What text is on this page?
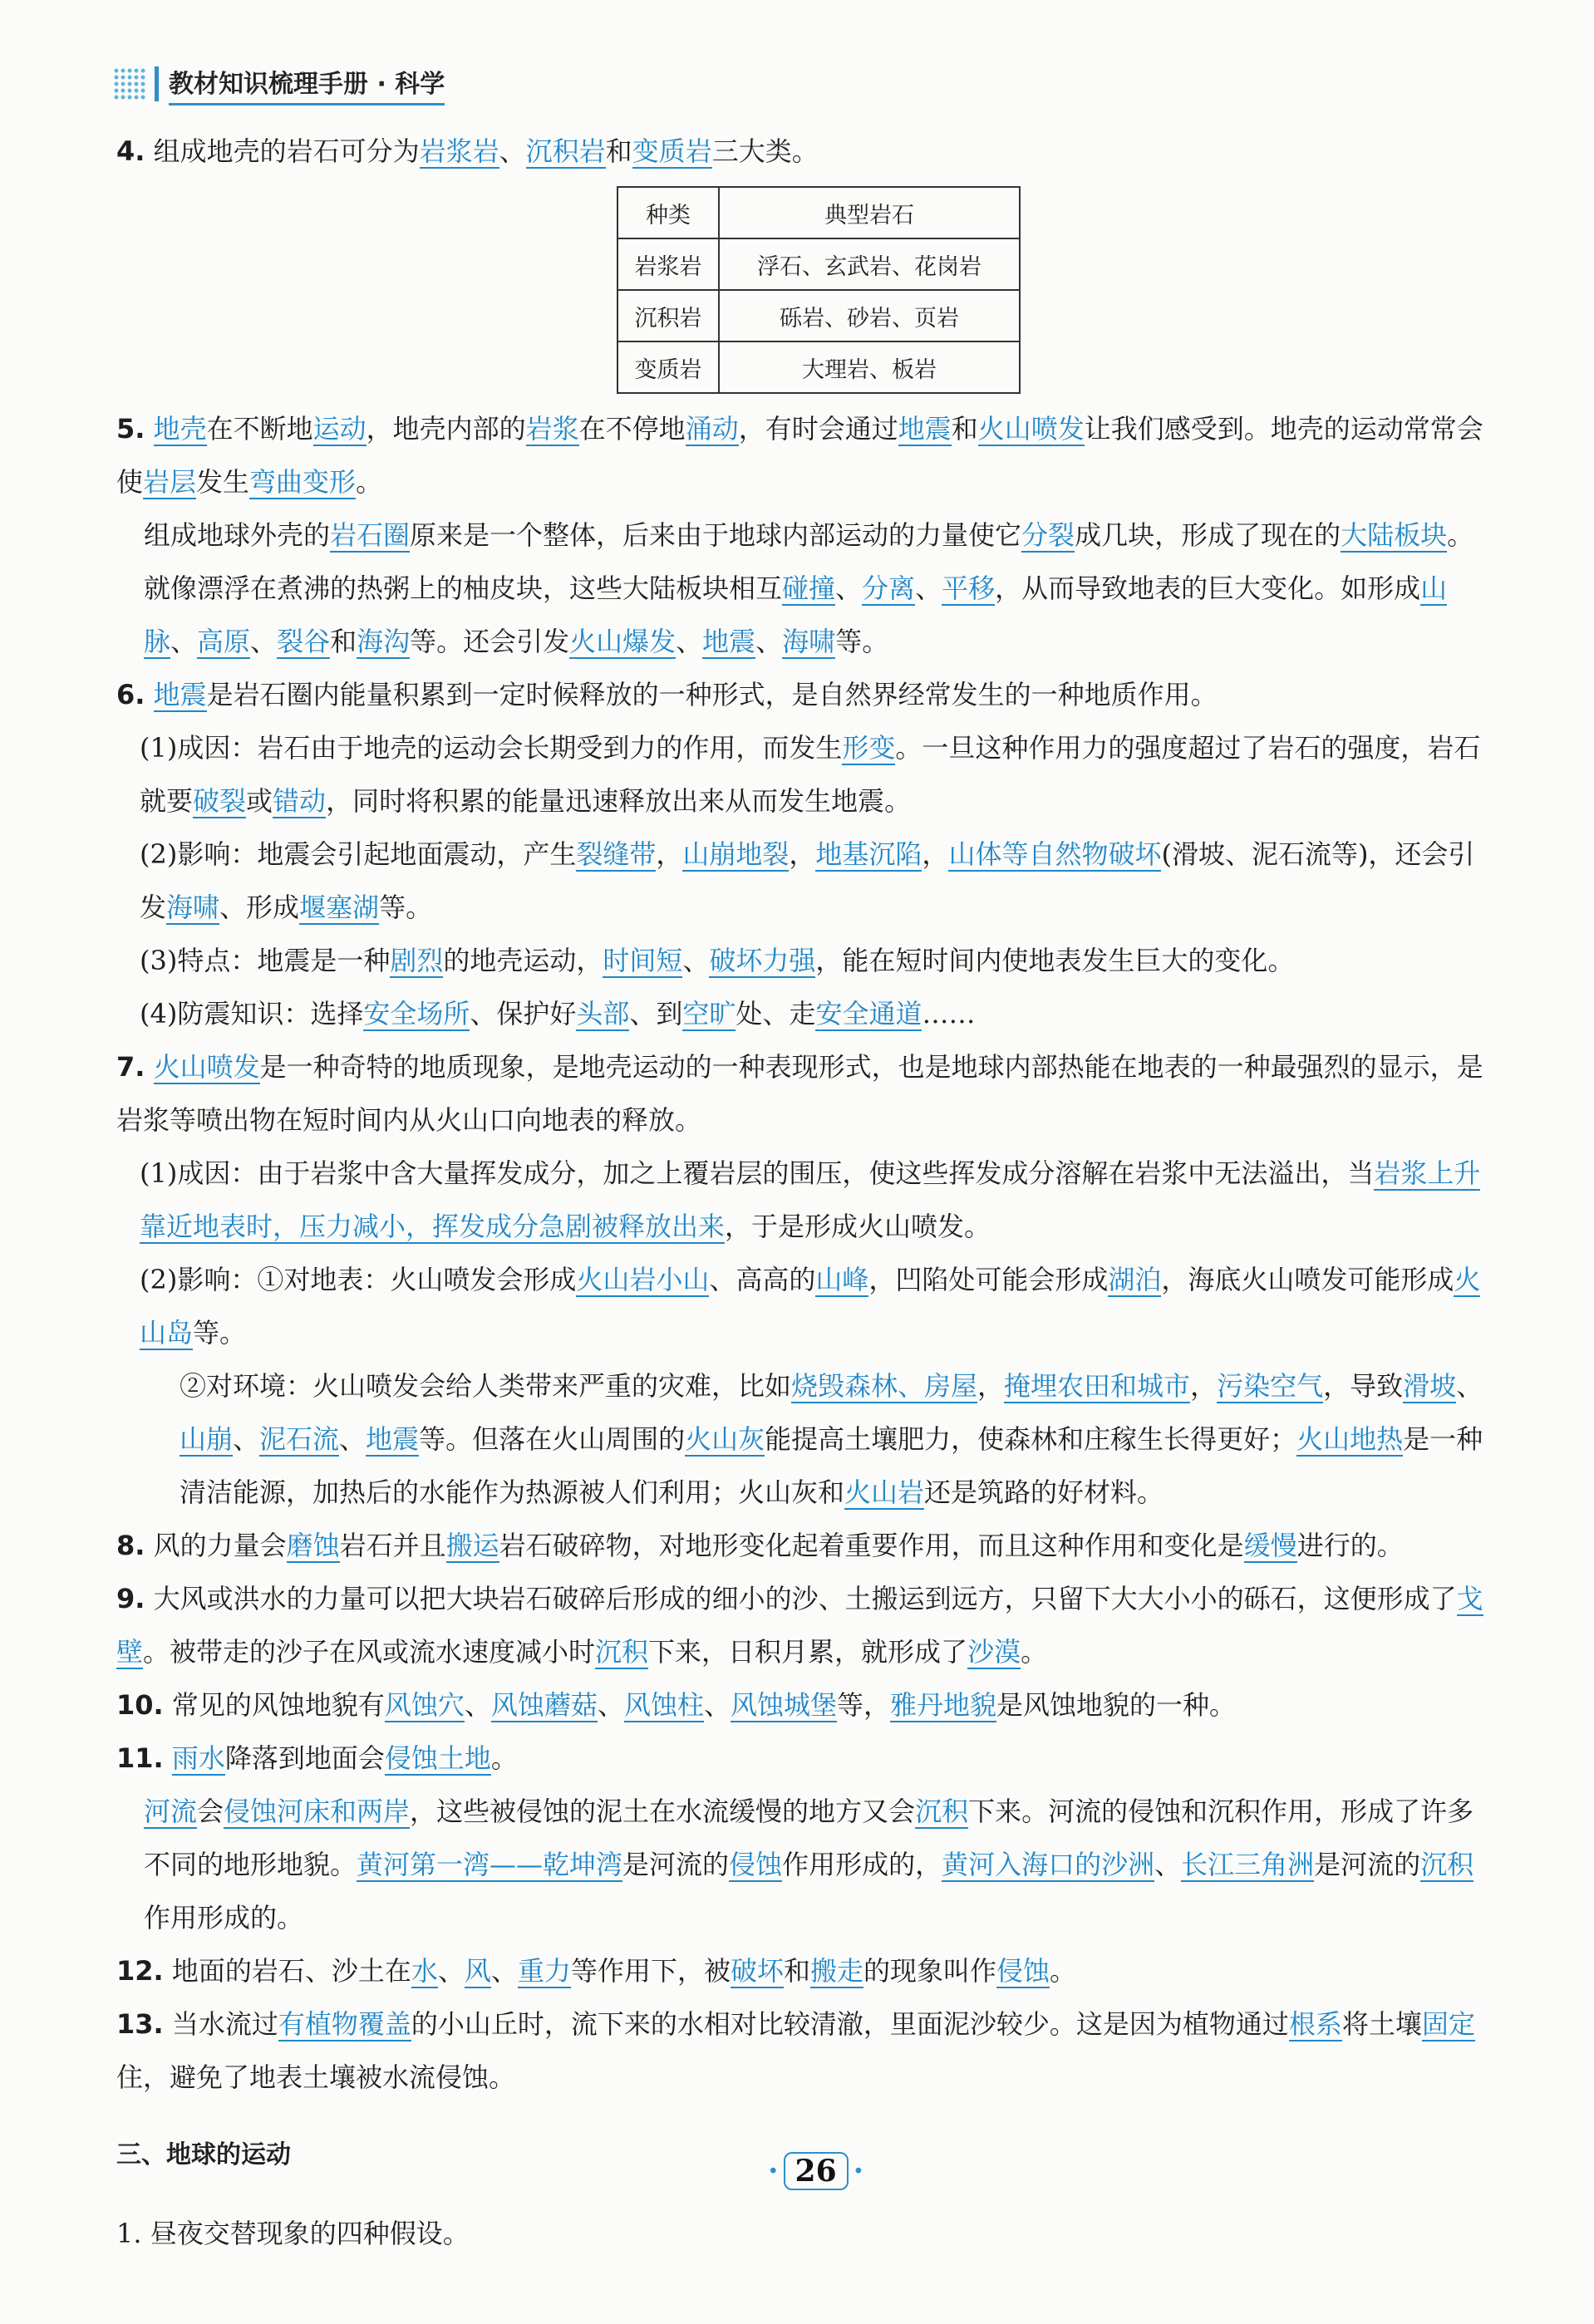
教材知识梳理手册 · 科学

4. 组成地壳的岩石可分为岩浆岩、沉积岩和变质岩三大类。

种类	典型岩石
岩浆岩	浮石、玄武岩、花岗岩
沉积岩	砾岩、砂岩、页岩
变质岩	大理岩、板岩

5. 地壳在不断地运动，地壳内部的岩浆在不停地涌动，有时会通过地震和火山喷发让我们感受到。地壳的运动常常会使岩层发生弯曲变形。

组成地球外壳的岩石圈原来是一个整体，后来由于地球内部运动的力量使它分裂成几块，形成了现在的大陆板块。就像漂浮在煮沸的热粥上的柚皮块，这些大陆板块相互碰撞、分离、平移，从而导致地表的巨大变化。如形成山脉、高原、裂谷和海沟等。还会引发火山爆发、地震、海啸等。

6. 地震是岩石圈内能量积累到一定时候释放的一种形式，是自然界经常发生的一种地质作用。

(1)成因：岩石由于地壳的运动会长期受到力的作用，而发生形变。一旦这种作用力的强度超过了岩石的强度，岩石就要破裂或错动，同时将积累的能量迅速释放出来从而发生地震。

(2)影响：地震会引起地面震动，产生裂缝带，山崩地裂，地基沉陷，山体等自然物破坏(滑坡、泥石流等)，还会引发海啸、形成堰塞湖等。

(3)特点：地震是一种剧烈的地壳运动，时间短、破坏力强，能在短时间内使地表发生巨大的变化。

(4)防震知识：选择安全场所、保护好头部、到空旷处、走安全通道……

7. 火山喷发是一种奇特的地质现象，是地壳运动的一种表现形式，也是地球内部热能在地表的一种最强烈的显示，是岩浆等喷出物在短时间内从火山口向地表的释放。

(1)成因：由于岩浆中含大量挥发成分，加之上覆岩层的围压，使这些挥发成分溶解在岩浆中无法溢出，当岩浆上升靠近地表时，压力减小，挥发成分急剧被释放出来，于是形成火山喷发。

(2)影响：①对地表：火山喷发会形成火山岩小山、高高的山峰，凹陷处可能会形成湖泊，海底火山喷发可能形成火山岛等。

②对环境：火山喷发会给人类带来严重的灾难，比如烧毁森林、房屋，掩埋农田和城市，污染空气，导致滑坡、山崩、泥石流、地震等。但落在火山周围的火山灰能提高土壤肥力，使森林和庄稼生长得更好；火山地热是一种清洁能源，加热后的水能作为热源被人们利用；火山灰和火山岩还是筑路的好材料。

8. 风的力量会磨蚀岩石并且搬运岩石破碎物，对地形变化起着重要作用，而且这种作用和变化是缓慢进行的。

9. 大风或洪水的力量可以把大块岩石破碎后形成的细小的沙、土搬运到远方，只留下大大小小的砾石，这便形成了戈壁。被带走的沙子在风或流水速度减小时沉积下来，日积月累，就形成了沙漠。

10. 常见的风蚀地貌有风蚀穴、风蚀蘑菇、风蚀柱、风蚀城堡等，雅丹地貌是风蚀地貌的一种。

11. 雨水降落到地面会侵蚀土地。

河流会侵蚀河床和两岸，这些被侵蚀的泥土在水流缓慢的地方又会沉积下来。河流的侵蚀和沉积作用，形成了许多不同的地形地貌。黄河第一湾——乾坤湾是河流的侵蚀作用形成的，黄河入海口的沙洲、长江三角洲是河流的沉积作用形成的。

12. 地面的岩石、沙土在水、风、重力等作用下，被破坏和搬走的现象叫作侵蚀。

13. 当水流过有植物覆盖的小山丘时，流下来的水相对比较清澈，里面泥沙较少。这是因为植物通过根系将土壤固定住，避免了地表土壤被水流侵蚀。

三、地球的运动

1. 昼夜交替现象的四种假设。

· 26 ·
